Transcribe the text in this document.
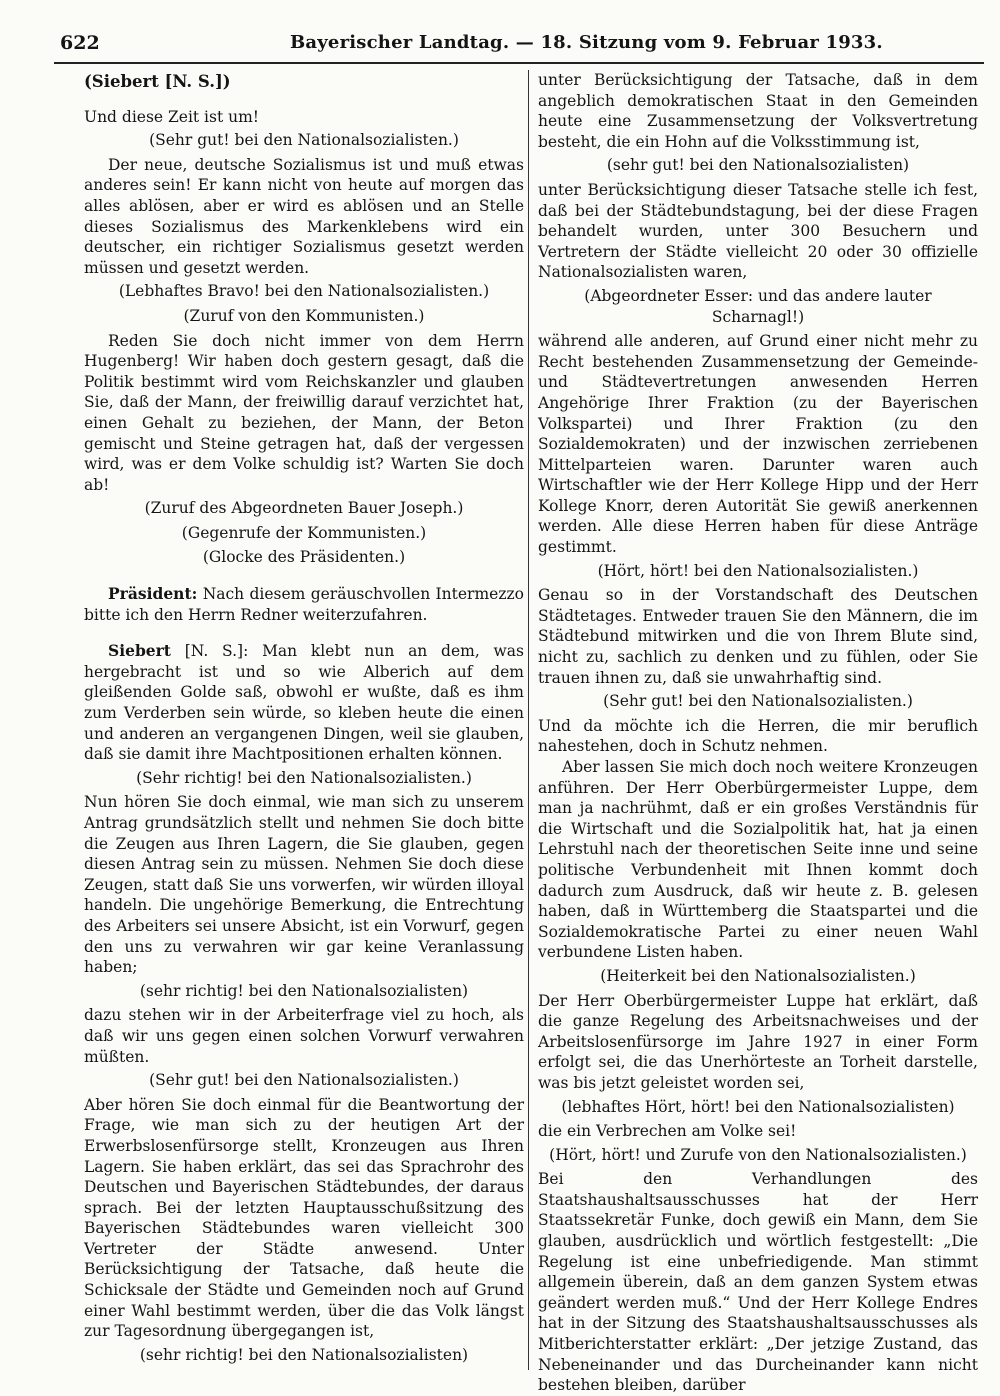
622	Bayerischer Landtag. — 18. Sitzung vom 9. Februar 1933.

(Siebert [N. S.])

Und diese Zeit ist um!

(Sehr gut! bei den Nationalsozialisten.)

Der neue, deutsche Sozialismus ist und muß etwas anderes sein! Er kann nicht von heute auf morgen das alles ablösen, aber er wird es ablösen und an Stelle dieses Sozialismus des Markenklebens wird ein deutscher, ein richtiger Sozialismus gesetzt werden müssen und gesetzt werden.

(Lebhaftes Bravo! bei den Nationalsozialisten.)

(Zuruf von den Kommunisten.)

Reden Sie doch nicht immer von dem Herrn Hugenberg! Wir haben doch gestern gesagt, daß die Politik bestimmt wird vom Reichskanzler und glauben Sie, daß der Mann, der freiwillig darauf verzichtet hat, einen Gehalt zu beziehen, der Mann, der Beton gemischt und Steine getragen hat, daß der vergessen wird, was er dem Volke schuldig ist? Warten Sie doch ab!

(Zuruf des Abgeordneten Bauer Joseph.)

(Gegenrufe der Kommunisten.)

(Glocke des Präsidenten.)

Präsident: Nach diesem geräuschvollen Intermezzo bitte ich den Herrn Redner weiterzufahren.

Siebert [N. S.]: Man klebt nun an dem, was hergebracht ist und so wie Alberich auf dem gleißenden Golde saß, obwohl er wußte, daß es ihm zum Verderben sein würde, so kleben heute die einen und anderen an vergangenen Dingen, weil sie glauben, daß sie damit ihre Machtpositionen erhalten können.

(Sehr richtig! bei den Nationalsozialisten.)

Nun hören Sie doch einmal, wie man sich zu unserem Antrag grundsätzlich stellt und nehmen Sie doch bitte die Zeugen aus Ihren Lagern, die Sie glauben, gegen diesen Antrag sein zu müssen. Nehmen Sie doch diese Zeugen, statt daß Sie uns vorwerfen, wir würden illoyal handeln. Die ungehörige Bemerkung, die Entrechtung des Arbeiters sei unsere Absicht, ist ein Vorwurf, gegen den uns zu verwahren wir gar keine Veranlassung haben;

(sehr richtig! bei den Nationalsozialisten)

dazu stehen wir in der Arbeiterfrage viel zu hoch, als daß wir uns gegen einen solchen Vorwurf verwahren müßten.

(Sehr gut! bei den Nationalsozialisten.)

Aber hören Sie doch einmal für die Beantwortung der Frage, wie man sich zu der heutigen Art der Erwerbslosenfürsorge stellt, Kronzeugen aus Ihren Lagern. Sie haben erklärt, das sei das Sprachrohr des Deutschen und Bayerischen Städtebundes, der daraus sprach. Bei der letzten Hauptausschußsitzung des Bayerischen Städtebundes waren vielleicht 300 Vertreter der Städte anwesend. Unter Berücksichtigung der Tatsache, daß heute die Schicksale der Städte und Gemeinden noch auf Grund einer Wahl bestimmt werden, über die das Volk längst zur Tagesordnung übergegangen ist,

(sehr richtig! bei den Nationalsozialisten)

unter Berücksichtigung der Tatsache, daß in dem angeblich demokratischen Staat in den Gemeinden heute eine Zusammensetzung der Volksvertretung besteht, die ein Hohn auf die Volksstimmung ist,

(sehr gut! bei den Nationalsozialisten)

unter Berücksichtigung dieser Tatsache stelle ich fest, daß bei der Städtebundstagung, bei der diese Fragen behandelt wurden, unter 300 Besuchern und Vertretern der Städte vielleicht 20 oder 30 offizielle Nationalsozialisten waren,

(Abgeordneter Esser: und das andere lauter Scharnagl!)

während alle anderen, auf Grund einer nicht mehr zu Recht bestehenden Zusammensetzung der Gemeinde- und Städtevertretungen anwesenden Herren Angehörige Ihrer Fraktion (zu der Bayerischen Volkspartei) und Ihrer Fraktion (zu den Sozialdemokraten) und der inzwischen zerriebenen Mittelparteien waren. Darunter waren auch Wirtschaftler wie der Herr Kollege Hipp und der Herr Kollege Knorr, deren Autorität Sie gewiß anerkennen werden. Alle diese Herren haben für diese Anträge gestimmt.

(Hört, hört! bei den Nationalsozialisten.)

Genau so in der Vorstandschaft des Deutschen Städtetages. Entweder trauen Sie den Männern, die im Städtebund mitwirken und die von Ihrem Blute sind, nicht zu, sachlich zu denken und zu fühlen, oder Sie trauen ihnen zu, daß sie unwahrhaftig sind.

(Sehr gut! bei den Nationalsozialisten.)

Und da möchte ich die Herren, die mir beruflich nahestehen, doch in Schutz nehmen.

Aber lassen Sie mich doch noch weitere Kronzeugen anführen. Der Herr Oberbürgermeister Luppe, dem man ja nachrühmt, daß er ein großes Verständnis für die Wirtschaft und die Sozialpolitik hat, hat ja einen Lehrstuhl nach der theoretischen Seite inne und seine politische Verbundenheit mit Ihnen kommt doch dadurch zum Ausdruck, daß wir heute z. B. gelesen haben, daß in Württemberg die Staatspartei und die Sozialdemokratische Partei zu einer neuen Wahl verbundene Listen haben.

(Heiterkeit bei den Nationalsozialisten.)

Der Herr Oberbürgermeister Luppe hat erklärt, daß die ganze Regelung des Arbeitsnachweises und der Arbeitslosenfürsorge im Jahre 1927 in einer Form erfolgt sei, die das Unerhörteste an Torheit darstelle, was bis jetzt geleistet worden sei,

(lebhaftes Hört, hört! bei den Nationalsozialisten)

die ein Verbrechen am Volke sei!

(Hört, hört! und Zurufe von den Nationalsozialisten.)

Bei den Verhandlungen des Staatshaushaltsausschusses hat der Herr Staatssekretär Funke, doch gewiß ein Mann, dem Sie glauben, ausdrücklich und wörtlich festgestellt: „Die Regelung ist eine unbefriedigende. Man stimmt allgemein überein, daß an dem ganzen System etwas geändert werden muß.“ Und der Herr Kollege Endres hat in der Sitzung des Staatshaushaltsausschusses als Mitberichterstatter erklärt: „Der jetzige Zustand, das Nebeneinander und das Durcheinander kann nicht bestehen bleiben, darüber
